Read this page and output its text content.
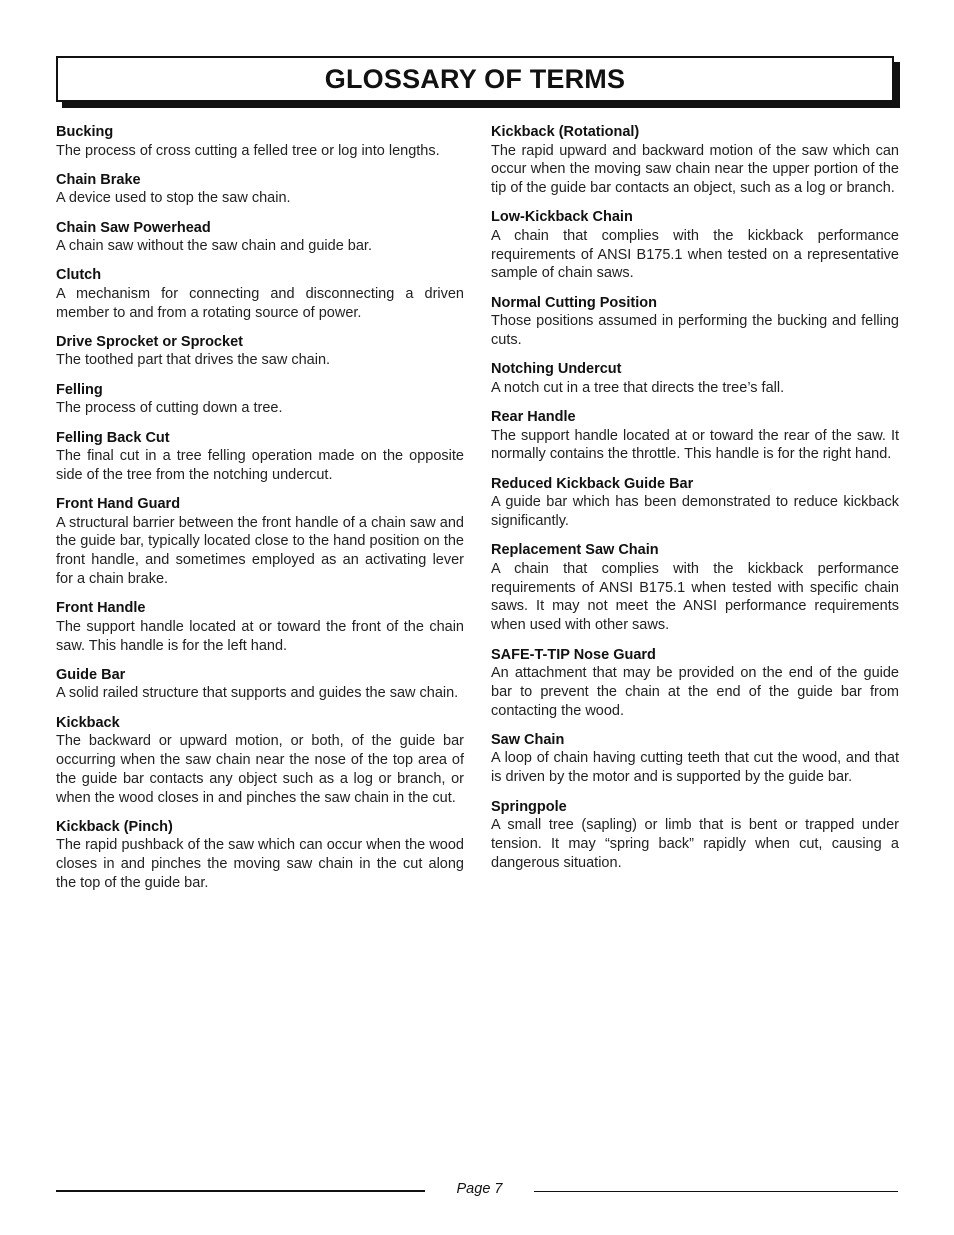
GLOSSARY OF TERMS
Bucking
The process of cross cutting a felled tree or log into lengths.
Chain Brake
A device used to stop the saw chain.
Chain Saw Powerhead
A chain saw without the saw chain and guide bar.
Clutch
A mechanism for connecting and disconnecting a driven member to and from a rotating source of power.
Drive Sprocket or Sprocket
The toothed part that drives the saw chain.
Felling
The process of cutting down a tree.
Felling Back Cut
The final cut in a tree felling operation made on the opposite side of the tree from the notching undercut.
Front Hand Guard
A structural barrier between the front handle of a chain saw and the guide bar, typically located close to the hand position on the front handle, and sometimes employed as an activating lever for a chain brake.
Front Handle
The support handle located at or toward the front of the chain saw. This handle is for the left hand.
Guide Bar
A solid railed structure that supports and guides the saw chain.
Kickback
The backward or upward motion, or both, of the guide bar occurring when the saw chain near the nose of the top area of the guide bar contacts any object such as a log or branch, or when the wood closes in and pinches the saw chain in the cut.
Kickback (Pinch)
The rapid pushback of the saw which can occur when the wood closes in and pinches the moving saw chain in the cut along the top of the guide bar.
Kickback (Rotational)
The rapid upward and backward motion of the saw which can occur when the moving saw chain near the upper portion of the tip of the guide bar contacts an object, such as a log or branch.
Low-Kickback Chain
A chain that complies with the kickback performance requirements of ANSI B175.1 when tested on a representative sample of chain saws.
Normal Cutting Position
Those positions assumed in performing the bucking and felling cuts.
Notching Undercut
A notch cut in a tree that directs the tree’s fall.
Rear Handle
The support handle located at or toward the rear of the saw. It normally contains the throttle. This handle is for the right hand.
Reduced Kickback Guide Bar
A guide bar which has been demonstrated to reduce kickback significantly.
Replacement Saw Chain
A chain that complies with the kickback performance requirements of ANSI B175.1 when tested with specific chain saws. It may not meet the ANSI performance requirements when used with other saws.
SAFE-T-TIP Nose Guard
An attachment that may be provided on the end of the guide bar to prevent the chain at the end of the guide bar from contacting the wood.
Saw Chain
A loop of chain having cutting teeth that cut the wood, and that is driven by the motor and is supported by the guide bar.
Springpole
A small tree (sapling) or limb that is bent or trapped under tension. It may “spring back” rapidly when cut, causing a dangerous situation.
Page 7
